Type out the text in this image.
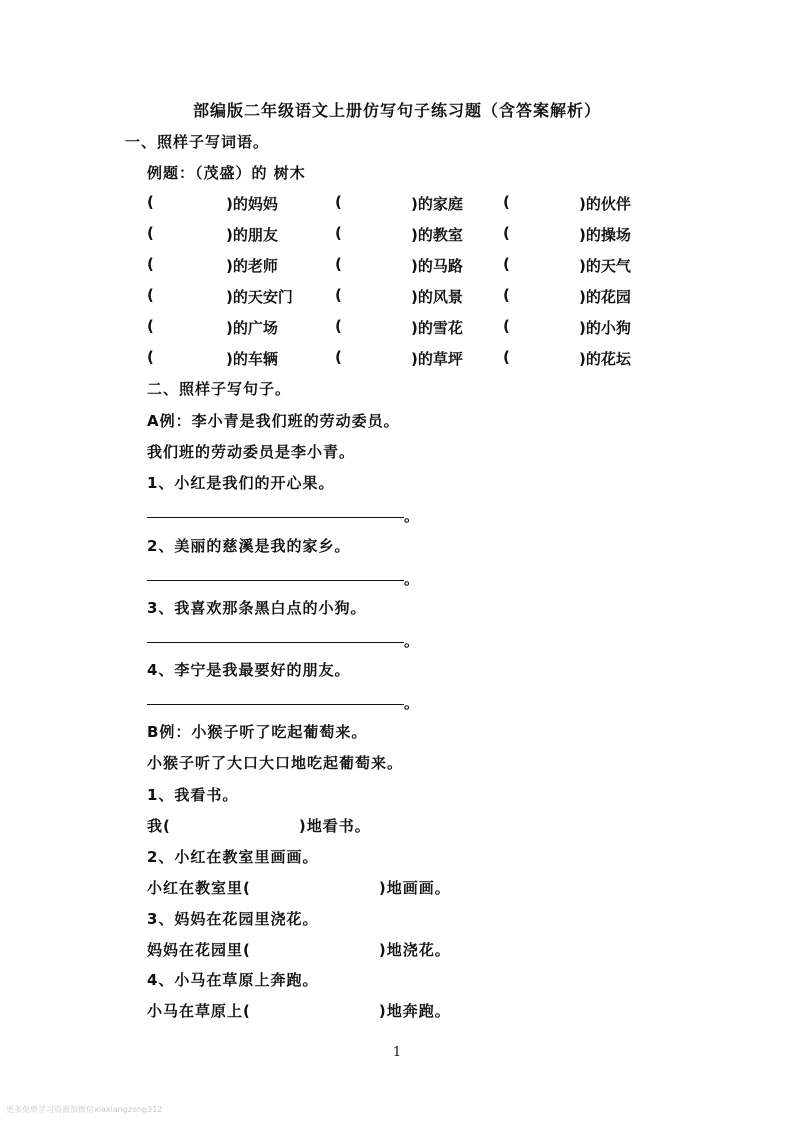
部编版二年级语文上册仿写句子练习题（含答案解析）
一、照样子写词语。
例题：（茂盛）的 树木
(	)的妈妈	(	)的家庭	(	)的伙伴
(	)的朋友	(	)的教室	(	)的操场
(	)的老师	(	)的马路	(	)的天气
(	)的天安门	(	)的风景	(	)的花园
(	)的广场	(	)的雪花	(	)的小狗
(	)的车辆	(	)的草坪	(	)的花坛
二、照样子写句子。
A例：李小青是我们班的劳动委员。
我们班的劳动委员是李小青。
1、小红是我们的开心果。
。
2、美丽的慈溪是我的家乡。
。
3、我喜欢那条黑白点的小狗。
。
4、李宁是我最要好的朋友。
。
B例：小猴子听了吃起葡萄来。
小猴子听了大口大口地吃起葡萄来。
1、我看书。
我(	)地看书。
2、小红在教室里画画。
小红在教室里(	)地画画。
3、妈妈在花园里浇花。
妈妈在花园里(	)地浇花。
4、小马在草原上奔跑。
小马在草原上(	)地奔跑。
1
更多免费学习资源加微信xiaxiangzong312
